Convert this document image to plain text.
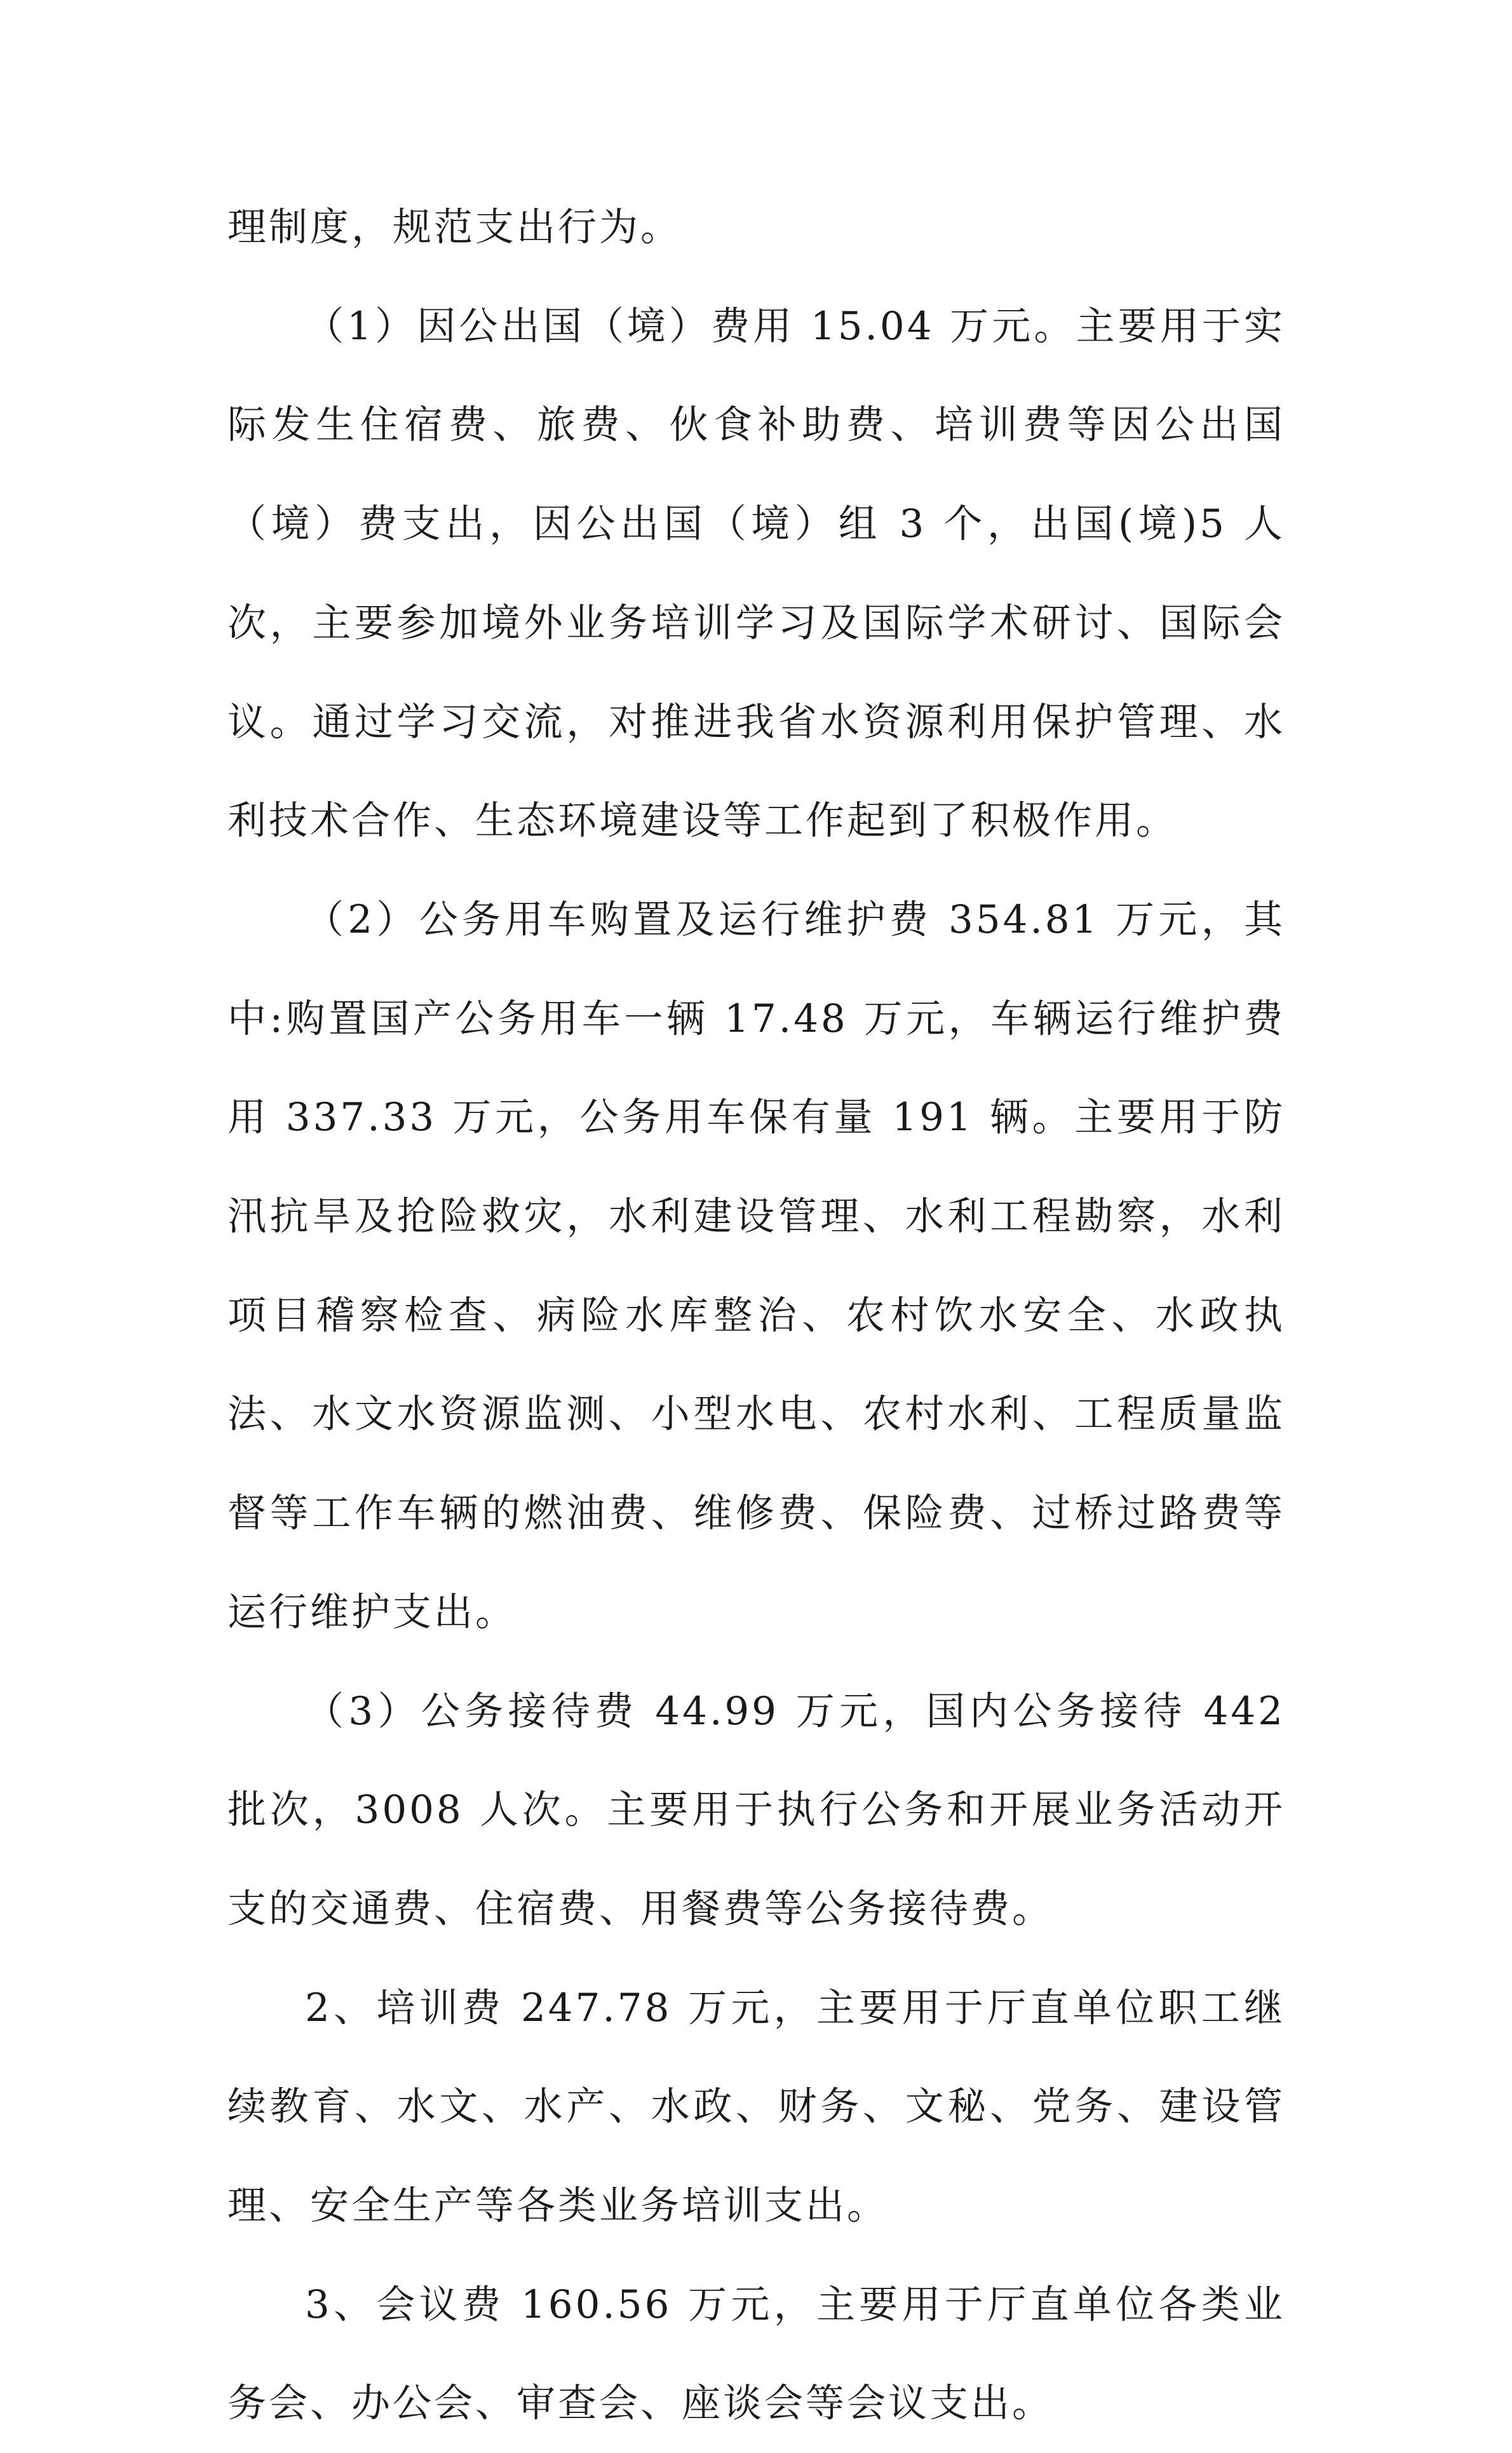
理制度，规范支出行为。

（1）因公出国（境）费用 15.04 万元。主要用于实际发生住宿费、旅费、伙食补助费、培训费等因公出国（境）费支出，因公出国（境）组 3 个，出国(境)5 人次，主要参加境外业务培训学习及国际学术研讨、国际会议。通过学习交流，对推进我省水资源利用保护管理、水利技术合作、生态环境建设等工作起到了积极作用。

（2）公务用车购置及运行维护费 354.81 万元，其中:购置国产公务用车一辆 17.48 万元，车辆运行维护费用 337.33 万元，公务用车保有量 191 辆。主要用于防汛抗旱及抢险救灾，水利建设管理、水利工程勘察，水利项目稽察检查、病险水库整治、农村饮水安全、水政执法、水文水资源监测、小型水电、农村水利、工程质量监督等工作车辆的燃油费、维修费、保险费、过桥过路费等运行维护支出。

（3）公务接待费 44.99 万元，国内公务接待 442 批次，3008 人次。主要用于执行公务和开展业务活动开支的交通费、住宿费、用餐费等公务接待费。

2、培训费 247.78 万元，主要用于厅直单位职工继续教育、水文、水产、水政、财务、文秘、党务、建设管理、安全生产等各类业务培训支出。

3、会议费 160.56 万元，主要用于厅直单位各类业务会、办公会、审查会、座谈会等会议支出。
